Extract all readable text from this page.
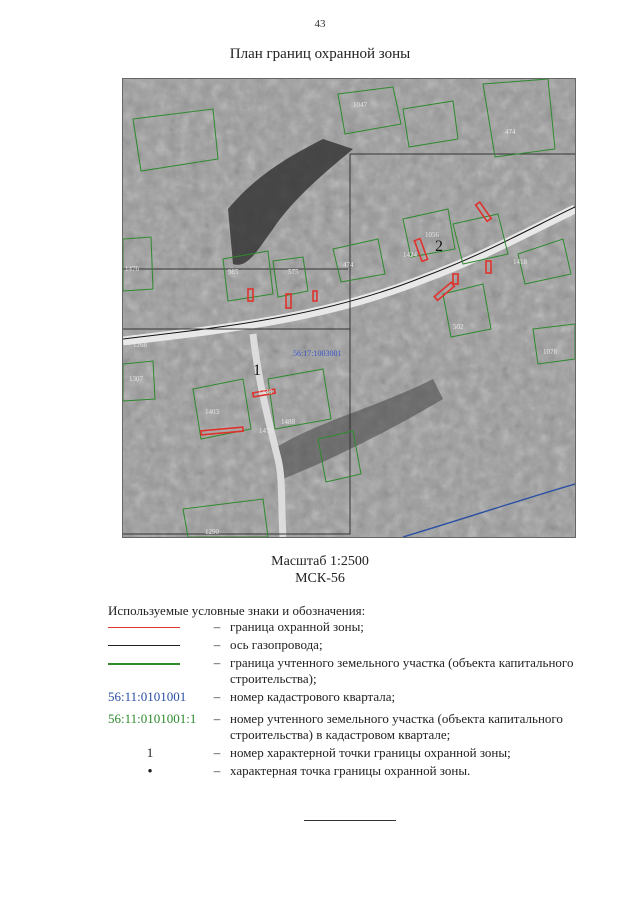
43
План границ охранной зоны
1047
474
1056
1424
1418
985	575
474
1476
502
1078
1268
1338
1307
1403
1478
1488
1290
56:17:1003001
1
2
Масштаб 1:2500
МСК-56
Используемые условные знаки и обозначения:
– граница охранной зоны;
– ось газопровода;
– граница учтенного земельного участка (объекта капитального строительства);
56:11:0101001	– номер кадастрового квартала;
56:11:0101001:1	– номер учтенного земельного участка (объекта капитального строительства) в кадастровом квартале;
1	– номер характерной точки границы охранной зоны;
•	– характерная точка границы охранной зоны.
